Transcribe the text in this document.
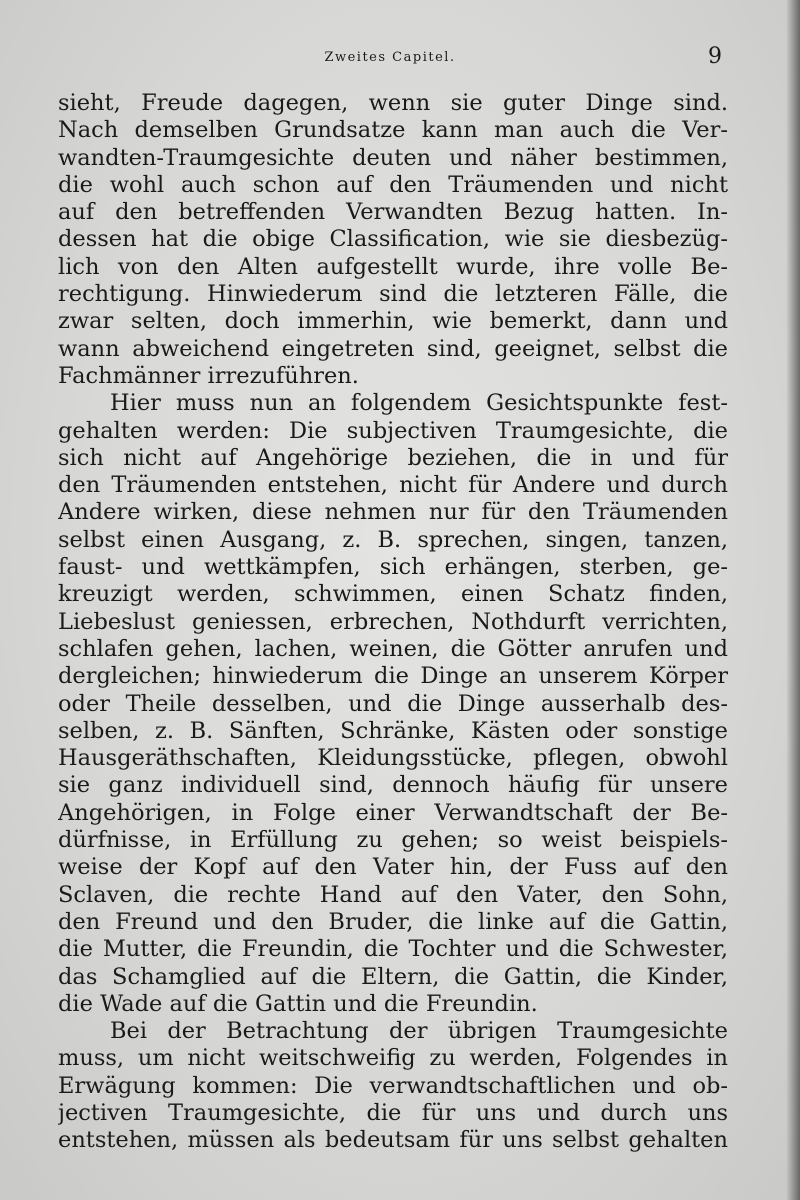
Zweites Capitel.	9
sieht, Freude dagegen, wenn sie guter Dinge sind.
Nach demselben Grundsatze kann man auch die Ver-
wandten-Traumgesichte deuten und näher bestimmen,
die wohl auch schon auf den Träumenden und nicht
auf den betreffenden Verwandten Bezug hatten. In-
dessen hat die obige Classification, wie sie diesbezüg-
lich von den Alten aufgestellt wurde, ihre volle Be-
rechtigung. Hinwiederum sind die letzteren Fälle, die
zwar selten, doch immerhin, wie bemerkt, dann und
wann abweichend eingetreten sind, geeignet, selbst die
Fachmänner irrezuführen.
Hier muss nun an folgendem Gesichtspunkte fest-
gehalten werden: Die subjectiven Traumgesichte, die
sich nicht auf Angehörige beziehen, die in und für
den Träumenden entstehen, nicht für Andere und durch
Andere wirken, diese nehmen nur für den Träumenden
selbst einen Ausgang, z. B. sprechen, singen, tanzen,
faust- und wettkämpfen, sich erhängen, sterben, ge-
kreuzigt werden, schwimmen, einen Schatz finden,
Liebeslust geniessen, erbrechen, Nothdurft verrichten,
schlafen gehen, lachen, weinen, die Götter anrufen und
dergleichen; hinwiederum die Dinge an unserem Körper
oder Theile desselben, und die Dinge ausserhalb des-
selben, z. B. Sänften, Schränke, Kästen oder sonstige
Hausgeräthschaften, Kleidungsstücke, pflegen, obwohl
sie ganz individuell sind, dennoch häufig für unsere
Angehörigen, in Folge einer Verwandtschaft der Be-
dürfnisse, in Erfüllung zu gehen; so weist beispiels-
weise der Kopf auf den Vater hin, der Fuss auf den
Sclaven, die rechte Hand auf den Vater, den Sohn,
den Freund und den Bruder, die linke auf die Gattin,
die Mutter, die Freundin, die Tochter und die Schwester,
das Schamglied auf die Eltern, die Gattin, die Kinder,
die Wade auf die Gattin und die Freundin.
Bei der Betrachtung der übrigen Traumgesichte
muss, um nicht weitschweifig zu werden, Folgendes in
Erwägung kommen: Die verwandtschaftlichen und ob-
jectiven Traumgesichte, die für uns und durch uns
entstehen, müssen als bedeutsam für uns selbst gehalten
